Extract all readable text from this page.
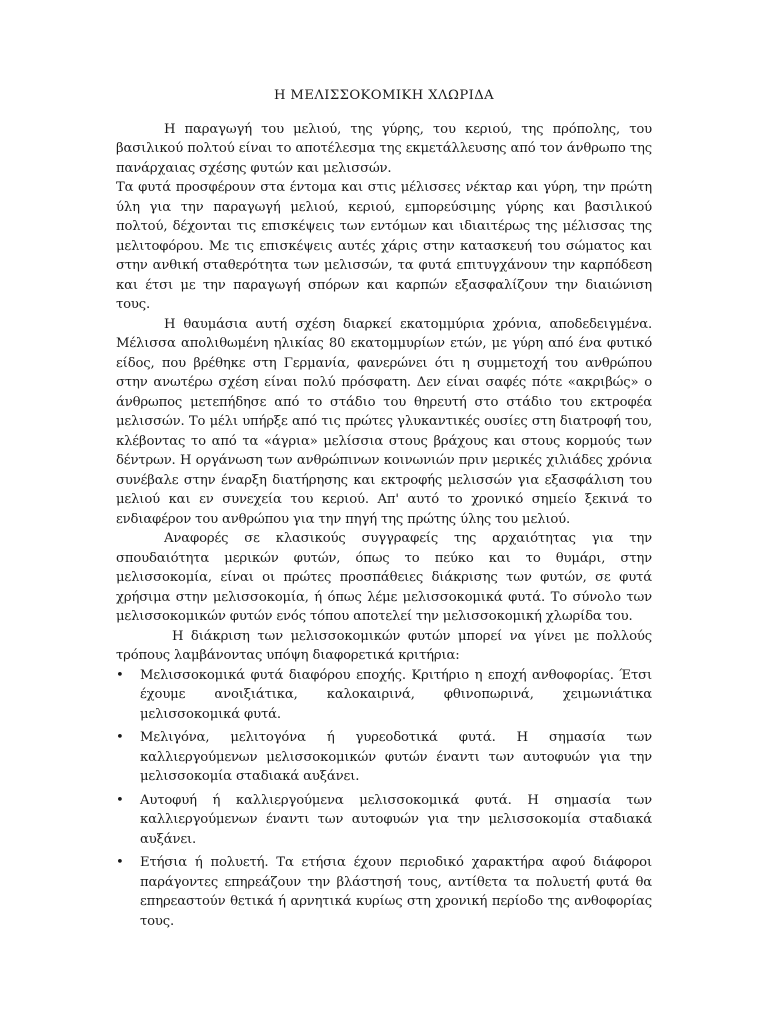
Η ΜΕΛΙΣΣΟΚΟΜΙΚΗ ΧΛΩΡΙΔΑ

Η παραγωγή του μελιού, της γύρης, του κεριού, της πρόπολης, του βασιλικού πολτού είναι το αποτέλεσμα της εκμετάλλευσης από τον άνθρωπο της πανάρχαιας σχέσης φυτών και μελισσών.

Τα φυτά προσφέρουν στα έντομα και στις μέλισσες νέκταρ και γύρη, την πρώτη ύλη για την παραγωγή μελιού, κεριού, εμπορεύσιμης γύρης και βασιλικού πολτού, δέχονται τις επισκέψεις των εντόμων και ιδιαιτέρως της μέλισσας της μελιτοφόρου. Με τις επισκέψεις αυτές χάρις στην κατασκευή του σώματος και στην ανθική σταθερότητα των μελισσών, τα φυτά επιτυγχάνουν την καρπόδεση και έτσι με την παραγωγή σπόρων και καρπών εξασφαλίζουν την διαιώνιση τους.

Η θαυμάσια αυτή σχέση διαρκεί εκατομμύρια χρόνια, αποδεδειγμένα. Μέλισσα απολιθωμένη ηλικίας 80 εκατομμυρίων ετών, με γύρη από ένα φυτικό είδος, που βρέθηκε στη Γερμανία, φανερώνει ότι η συμμετοχή του ανθρώπου στην ανωτέρω σχέση είναι πολύ πρόσφατη. Δεν είναι σαφές πότε «ακριβώς» ο άνθρωπος μετεπήδησε από το στάδιο του θηρευτή στο στάδιο του εκτροφέα μελισσών. Το μέλι υπήρξε από τις πρώτες γλυκαντικές ουσίες στη διατροφή του, κλέβοντας το από τα «άγρια» μελίσσια στους βράχους και στους κορμούς των δέντρων. Η οργάνωση των ανθρώπινων κοινωνιών πριν μερικές χιλιάδες χρόνια συνέβαλε στην έναρξη διατήρησης και εκτροφής μελισσών για εξασφάλιση του μελιού και εν συνεχεία του κεριού. Απ' αυτό το χρονικό σημείο ξεκινά το ενδιαφέρον του ανθρώπου για την πηγή της πρώτης ύλης του μελιού.

Αναφορές σε κλασικούς συγγραφείς της αρχαιότητας για την σπουδαιότητα μερικών φυτών, όπως το πεύκο και το θυμάρι, στην μελισσοκομία, είναι οι πρώτες προσπάθειες διάκρισης των φυτών, σε φυτά χρήσιμα στην μελισσοκομία, ή όπως λέμε μελισσοκομικά φυτά. Το σύνολο των μελισσοκομικών φυτών ενός τόπου αποτελεί την μελισσοκομική χλωρίδα του.

Η διάκριση των μελισσοκομικών φυτών μπορεί να γίνει με πολλούς τρόπους λαμβάνοντας υπόψη διαφορετικά κριτήρια:

• Μελισσοκομικά φυτά διαφόρου εποχής. Κριτήριο η εποχή ανθοφορίας. Έτσι έχουμε ανοιξιάτικα, καλοκαιρινά, φθινοπωρινά, χειμωνιάτικα μελισσοκομικά φυτά.
• Μελιγόνα, μελιτογόνα ή γυρεοδοτικά φυτά. Η σημασία των καλλιεργούμενων μελισσοκομικών φυτών έναντι των αυτοφυών για την μελισσοκομία σταδιακά αυξάνει.
• Αυτοφυή ή καλλιεργούμενα μελισσοκομικά φυτά. Η σημασία των καλλιεργούμενων έναντι των αυτοφυών για την μελισσοκομία σταδιακά αυξάνει.
• Ετήσια ή πολυετή. Τα ετήσια έχουν περιοδικό χαρακτήρα αφού διάφοροι παράγοντες επηρεάζουν την βλάστησή τους, αντίθετα τα πολυετή φυτά θα επηρεαστούν θετικά ή αρνητικά κυρίως στη χρονική περίοδο της ανθοφορίας τους.
